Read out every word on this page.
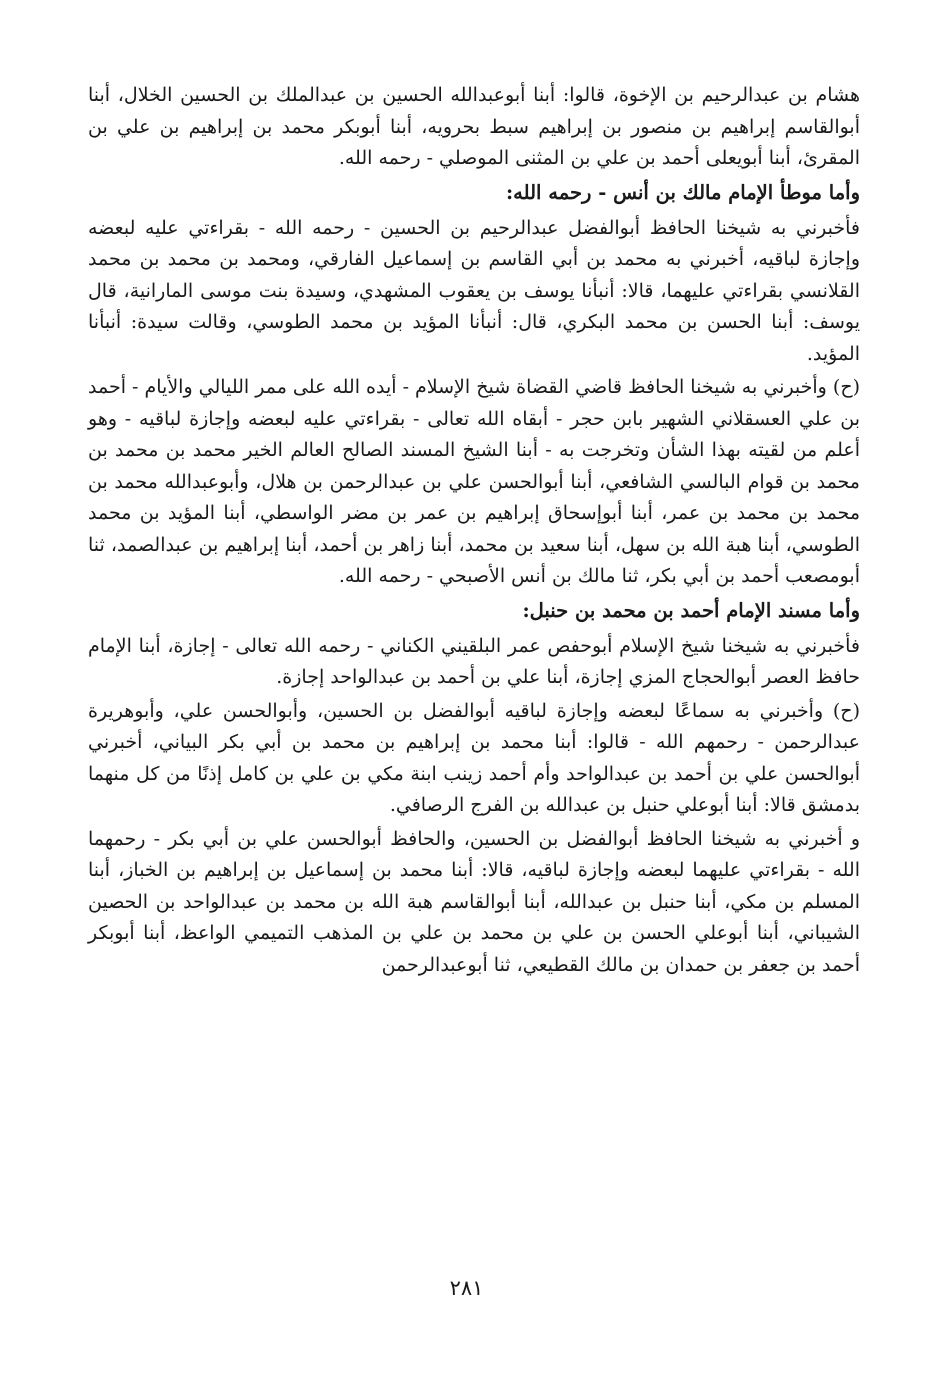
هشام بن عبدالرحيم بن الإخوة، قالوا: أبنا أبوعبدالله الحسين بن عبدالملك بن الحسين الخلال، أبنا أبوالقاسم إبراهيم بن منصور بن إبراهيم سبط بحرويه، أبنا أبوبكر محمد بن إبراهيم بن علي بن المقرئ، أبنا أبويعلى أحمد بن علي بن المثنى الموصلي - رحمه الله.

وأما موطأ الإمام مالك بن أنس - رحمه الله:

فأخبرني به شيخنا الحافظ أبوالفضل عبدالرحيم بن الحسين - رحمه الله - بقراءتي عليه لبعضه وإجازة لباقيه، أخبرني به محمد بن أبي القاسم بن إسماعيل الفارقي، ومحمد بن محمد بن محمد القلانسي بقراءتي عليهما، قالا: أنبأنا يوسف بن يعقوب المشهدي، وسيدة بنت موسى المارانية، قال يوسف: أبنا الحسن بن محمد البكري، قال: أنبأنا المؤيد بن محمد الطوسي، وقالت سيدة: أنبأنا المؤيد.

(ح) وأخبرني به شيخنا الحافظ قاضي القضاة شيخ الإسلام - أيده الله على ممر الليالي والأيام - أحمد بن علي العسقلاني الشهير بابن حجر - أبقاه الله تعالى - بقراءتي عليه لبعضه وإجازة لباقيه - وهو أعلم من لقيته بهذا الشأن وتخرجت به - أبنا الشيخ المسند الصالح العالم الخير محمد بن محمد بن محمد بن قوام البالسي الشافعي، أبنا أبوالحسن علي بن عبدالرحمن بن هلال، وأبوعبدالله محمد بن محمد بن محمد بن عمر، أبنا أبوإسحاق إبراهيم بن عمر بن مضر الواسطي، أبنا المؤيد بن محمد الطوسي، أبنا هبة الله بن سهل، أبنا سعيد بن محمد، أبنا زاهر بن أحمد، أبنا إبراهيم بن عبدالصمد، ثنا أبومصعب أحمد بن أبي بكر، ثنا مالك بن أنس الأصبحي - رحمه الله.

وأما مسند الإمام أحمد بن محمد بن حنبل:

فأخبرني به شيخنا شيخ الإسلام أبوحفص عمر البلقيني الكناني - رحمه الله تعالى - إجازة، أبنا الإمام حافظ العصر أبوالحجاج المزي إجازة، أبنا علي بن أحمد بن عبدالواحد إجازة.

(ح) وأخبرني به سماعًا لبعضه وإجازة لباقيه أبوالفضل بن الحسين، وأبوالحسن علي، وأبوهريرة عبدالرحمن - رحمهم الله - قالوا: أبنا محمد بن إبراهيم بن محمد بن أبي بكر البياني، أخبرني أبوالحسن علي بن أحمد بن عبدالواحد وأم أحمد زينب ابنة مكي بن علي بن كامل إذنًا من كل منهما بدمشق قالا: أبنا أبوعلي حنبل بن عبدالله بن الفرج الرصافي.

و أخبرني به شيخنا الحافظ أبوالفضل بن الحسين، والحافظ أبوالحسن علي بن أبي بكر - رحمهما الله - بقراءتي عليهما لبعضه وإجازة لباقيه، قالا: أبنا محمد بن إسماعيل بن إبراهيم بن الخباز، أبنا المسلم بن مكي، أبنا حنبل بن عبدالله، أبنا أبوالقاسم هبة الله بن محمد بن عبدالواحد بن الحصين الشيباني، أبنا أبوعلي الحسن بن علي بن محمد بن علي بن المذهب التميمي الواعظ، أبنا أبوبكر أحمد بن جعفر بن حمدان بن مالك القطيعي، ثنا أبوعبدالرحمن

٢٨١
